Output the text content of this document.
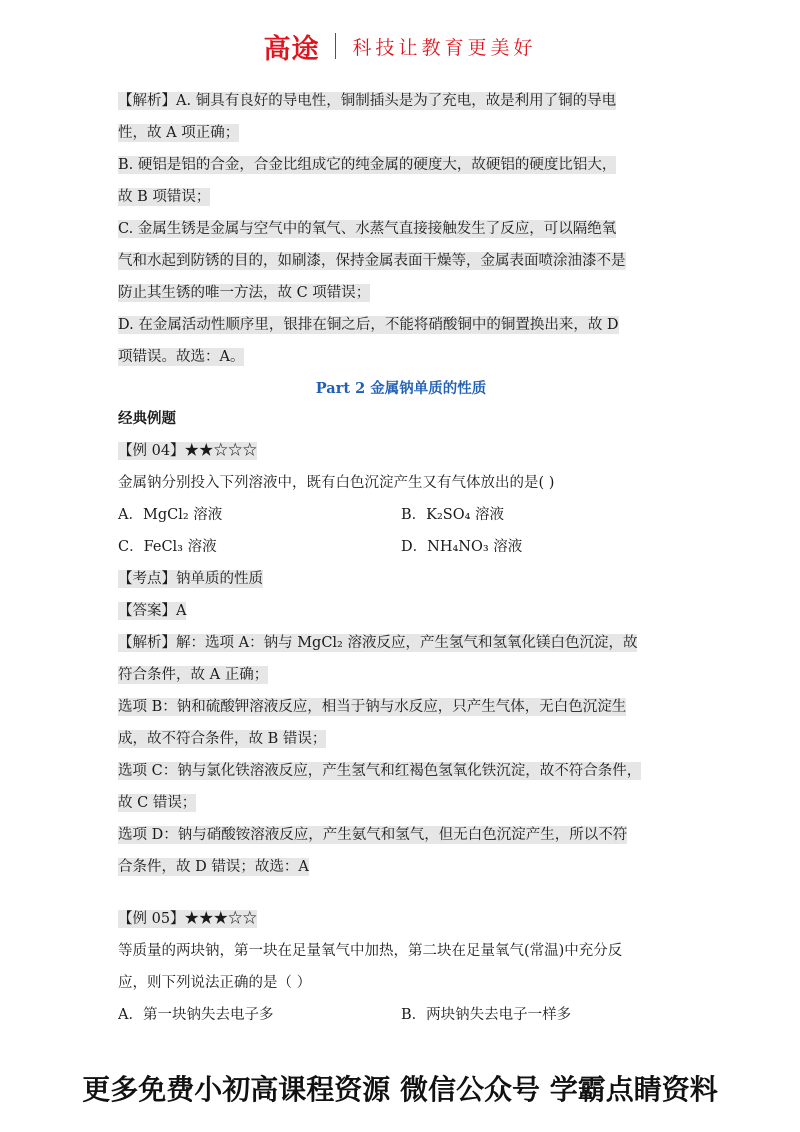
高途 科技让教育更美好
【解析】A. 铜具有良好的导电性，铜制插头是为了充电，故是利用了铜的导电
性，故 A 项正确；
B. 硬铝是铝的合金，合金比组成它的纯金属的硬度大，故硬铝的硬度比铝大，
故 B 项错误；
C. 金属生锈是金属与空气中的氧气、水蒸气直接接触发生了反应，可以隔绝氧
气和水起到防锈的目的，如刷漆，保持金属表面干燥等，金属表面喷涂油漆不是
防止其生锈的唯一方法，故 C 项错误；
D. 在金属活动性顺序里，银排在铜之后，不能将硝酸铜中的铜置换出来，故 D
项错误。故选：A。
Part 2 金属钠单质的性质
经典例题
【例 04】★★☆☆☆
金属钠分别投入下列溶液中，既有白色沉淀产生又有气体放出的是( )
A．MgCl₂ 溶液	B．K₂SO₄ 溶液
C．FeCl₃ 溶液	D．NH₄NO₃ 溶液
【考点】钠单质的性质
【答案】A
【解析】解：选项 A：钠与 MgCl₂ 溶液反应，产生氢气和氢氧化镁白色沉淀，故
符合条件，故 A 正确；
选项 B：钠和硫酸钾溶液反应，相当于钠与水反应，只产生气体，无白色沉淀生
成，故不符合条件，故 B 错误；
选项 C：钠与氯化铁溶液反应，产生氢气和红褐色氢氧化铁沉淀，故不符合条件，
故 C 错误；
选项 D：钠与硝酸铵溶液反应，产生氨气和氢气，但无白色沉淀产生，所以不符
合条件，故 D 错误；故选：A
【例 05】★★★☆☆
等质量的两块钠，第一块在足量氧气中加热，第二块在足量氧气(常温)中充分反
应，则下列说法正确的是（ ）
A．第一块钠失去电子多	B．两块钠失去电子一样多
更多免费小初高课程资源 微信公众号 学霸点睛资料
